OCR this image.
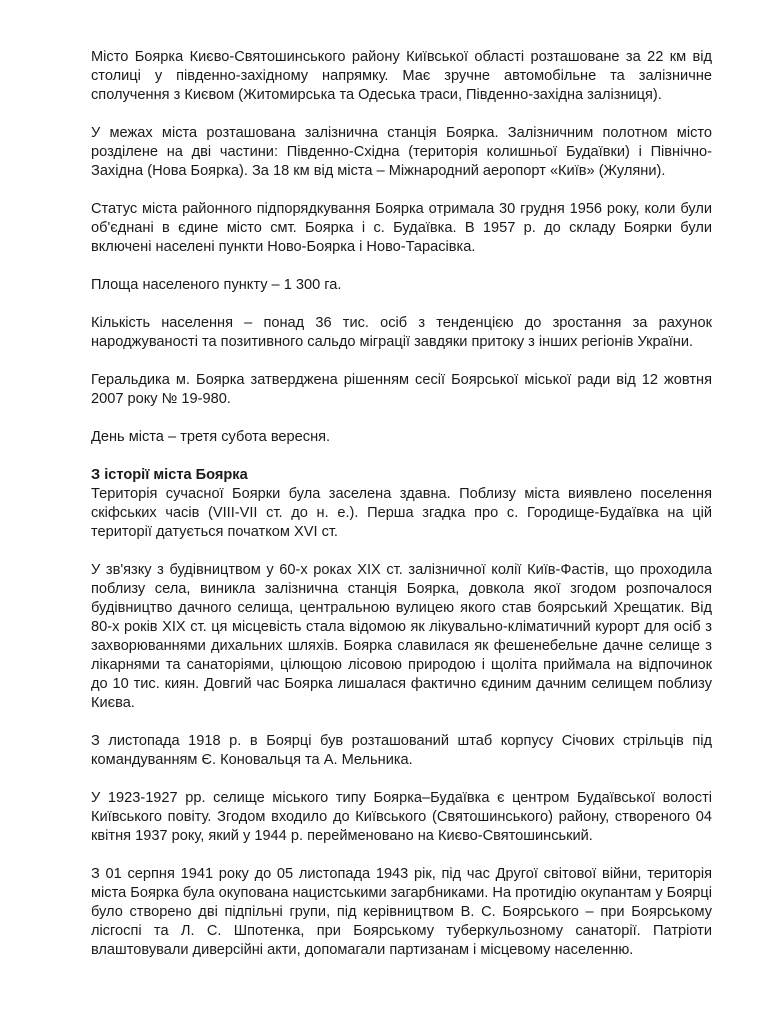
Місто Боярка Києво-Святошинського району Київської області розташоване за 22 км від столиці у південно-західному напрямку. Має зручне автомобільне та залізничне сполучення з Києвом (Житомирська та Одеська траси, Південно-західна залізниця).

У межах міста розташована залізнична станція Боярка. Залізничним полотном місто розділене на дві частини: Південно-Східна (територія колишньої Будаївки) і Північно-Західна (Нова Боярка). За 18 км від міста – Міжнародний аеропорт «Київ» (Жуляни).

Статус міста районного підпорядкування Боярка отримала 30 грудня 1956 року, коли були об'єднані в єдине місто смт. Боярка і с. Будаївка. В 1957 р. до складу Боярки були включені населені пункти Ново-Боярка і Ново-Тарасівка.

Площа населеного пункту – 1 300 га.

Кількість населення – понад 36 тис. осіб з тенденцією до зростання за рахунок народжуваності та позитивного сальдо міграції завдяки притоку з інших регіонів України.

Геральдика м. Боярка затверджена рішенням сесії Боярської міської ради від 12 жовтня 2007 року № 19-980.

День міста – третя субота вересня.

З історії міста Боярка

Територія сучасної Боярки була заселена здавна. Поблизу міста виявлено поселення скіфських часів (VIII-VII ст. до н. е.). Перша згадка про с. Городище-Будаївка на цій території датується початком XVI ст.

У зв'язку з будівництвом у 60-х роках XIX ст. залізничної колії Київ-Фастів, що проходила поблизу села, виникла залізнична станція Боярка, довкола якої згодом розпочалося будівництво дачного селища, центральною вулицею якого став боярський Хрещатик. Від 80-х років XIX ст. ця місцевість стала відомою як лікувально-кліматичний курорт для осіб з захворюваннями дихальних шляхів. Боярка славилася як фешенебельне дачне селище з лікарнями та санаторіями, цілющою лісовою природою і щоліта приймала на відпочинок до 10 тис. киян. Довгий час Боярка лишалася фактично єдиним дачним селищем поблизу Києва.

З листопада 1918 р. в Боярці був розташований штаб корпусу Січових стрільців під командуванням Є. Коновальця та А. Мельника.

У 1923-1927 рр. селище міського типу Боярка–Будаївка є центром Будаївської волості Київського повіту. Згодом входило до Київського (Святошинського) району, створеного 04 квітня 1937 року, який у 1944 р. перейменовано на Києво-Святошинський.

З 01 серпня 1941 року до 05 листопада 1943 рік, під час Другої світової війни, територія міста Боярка була окупована нацистськими загарбниками. На протидію окупантам у Боярці було створено дві підпільні групи, під керівництвом В. С. Боярського – при Боярському лісгоспі та Л. С. Шпотенка, при Боярському туберкульозному санаторії. Патріоти влаштовували диверсійні акти, допомагали партизанам і місцевому населенню.
